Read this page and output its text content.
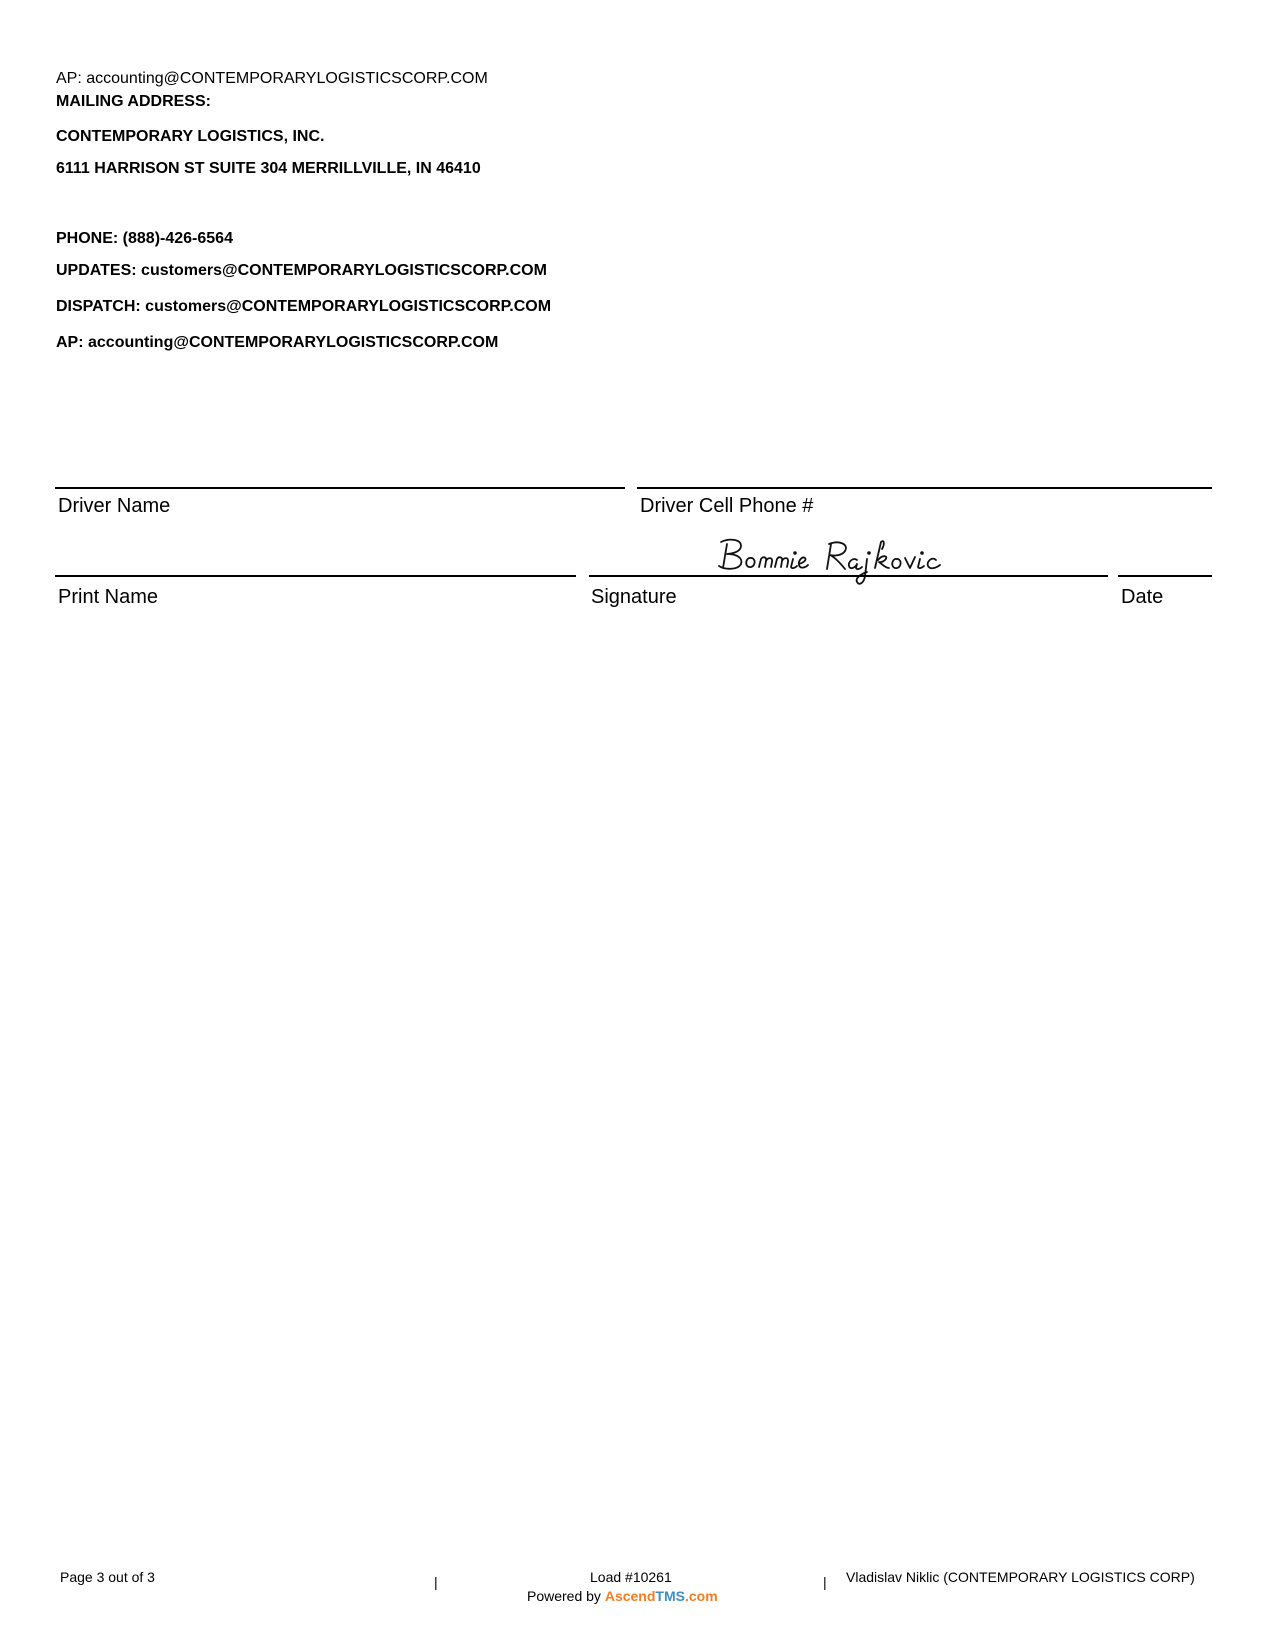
AP: accounting@CONTEMPORARYLOGISTICSCORP.COM
MAILING ADDRESS:
CONTEMPORARY LOGISTICS, INC.
6111 HARRISON ST SUITE 304 MERRILLVILLE, IN 46410
PHONE: (888)-426-6564
UPDATES: customers@CONTEMPORARYLOGISTICSCORP.COM
DISPATCH: customers@CONTEMPORARYLOGISTICSCORP.COM
AP: accounting@CONTEMPORARYLOGISTICSCORP.COM
Driver Name	Driver Cell Phone #
Print Name	Signature	Date
Page 3 out of 3	|	Load #10261	| Vladislav Niklic (CONTEMPORARY LOGISTICS CORP)
Powered by AscendTMS.com
